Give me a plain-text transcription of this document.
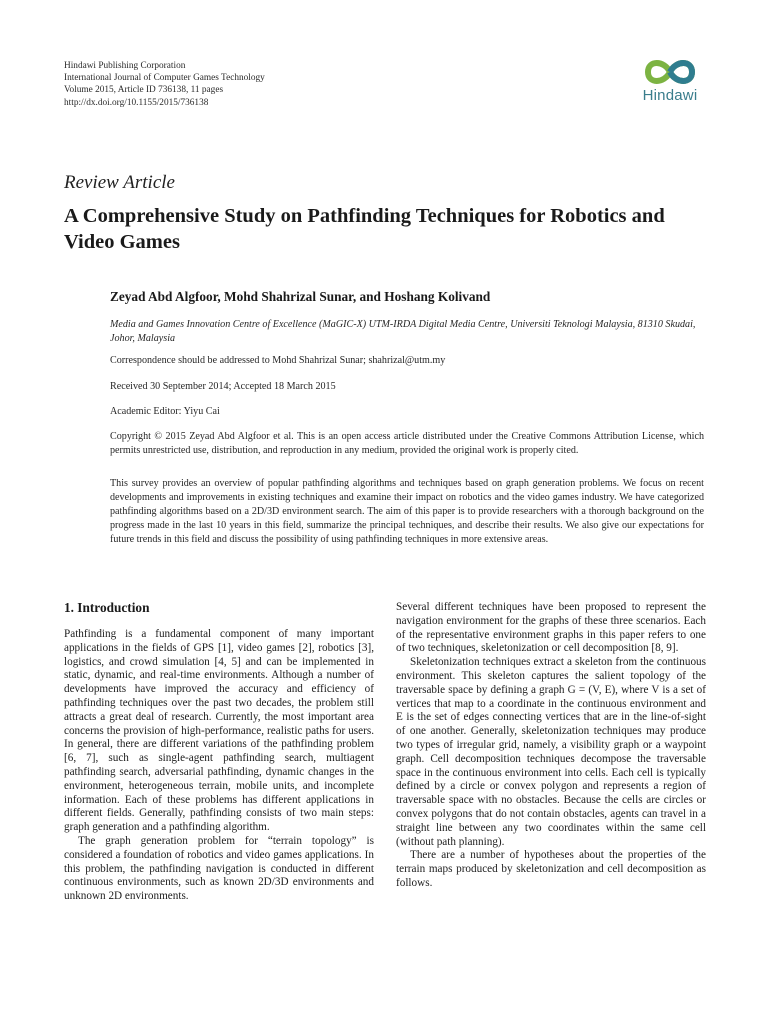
Hindawi Publishing Corporation
International Journal of Computer Games Technology
Volume 2015, Article ID 736138, 11 pages
http://dx.doi.org/10.1155/2015/736138	Hindawi
Review Article
A Comprehensive Study on Pathfinding Techniques for Robotics and Video Games
Zeyad Abd Algfoor, Mohd Shahrizal Sunar, and Hoshang Kolivand
Media and Games Innovation Centre of Excellence (MaGIC-X) UTM-IRDA Digital Media Centre, Universiti Teknologi Malaysia, 81310 Skudai, Johor, Malaysia
Correspondence should be addressed to Mohd Shahrizal Sunar; shahrizal@utm.my
Received 30 September 2014; Accepted 18 March 2015
Academic Editor: Yiyu Cai
Copyright © 2015 Zeyad Abd Algfoor et al. This is an open access article distributed under the Creative Commons Attribution License, which permits unrestricted use, distribution, and reproduction in any medium, provided the original work is properly cited.
This survey provides an overview of popular pathfinding algorithms and techniques based on graph generation problems. We focus on recent developments and improvements in existing techniques and examine their impact on robotics and the video games industry. We have categorized pathfinding algorithms based on a 2D/3D environment search. The aim of this paper is to provide researchers with a thorough background on the progress made in the last 10 years in this field, summarize the principal techniques, and describe their results. We also give our expectations for future trends in this field and discuss the possibility of using pathfinding techniques in more extensive areas.
1. Introduction

Pathfinding is a fundamental component of many important applications in the fields of GPS [1], video games [2], robotics [3], logistics, and crowd simulation [4, 5] and can be implemented in static, dynamic, and real-time environments. Although a number of developments have improved the accuracy and efficiency of pathfinding techniques over the past two decades, the problem still attracts a great deal of research. Currently, the most important area concerns the provision of high-performance, realistic paths for users. In general, there are different variations of the pathfinding problem [6, 7], such as single-agent pathfinding search, multiagent pathfinding search, adversarial pathfinding, dynamic changes in the environment, heterogeneous terrain, mobile units, and incomplete information. Each of these problems has different applications in different fields. Generally, pathfinding consists of two main steps: graph generation and a pathfinding algorithm.

The graph generation problem for “terrain topology” is considered a foundation of robotics and video games applications. In this problem, the pathfinding navigation is conducted in different continuous environments, such as known 2D/3D environments and unknown 2D environments.

Several different techniques have been proposed to represent the navigation environment for the graphs of these three scenarios. Each of the representative environment graphs in this paper refers to one of two techniques, skeletonization or cell decomposition [8, 9].

Skeletonization techniques extract a skeleton from the continuous environment. This skeleton captures the salient topology of the traversable space by defining a graph G = (V, E), where V is a set of vertices that map to a coordinate in the continuous environment and E is the set of edges connecting vertices that are in the line-of-sight of one another. Generally, skeletonization techniques may produce two types of irregular grid, namely, a visibility graph or a waypoint graph. Cell decomposition techniques decompose the traversable space in the continuous environment into cells. Each cell is typically defined by a circle or convex polygon and represents a region of traversable space with no obstacles. Because the cells are circles or convex polygons that do not contain obstacles, agents can travel in a straight line between any two coordinates within the same cell (without path planning).

There are a number of hypotheses about the properties of the terrain maps produced by skeletonization and cell decomposition as follows.
